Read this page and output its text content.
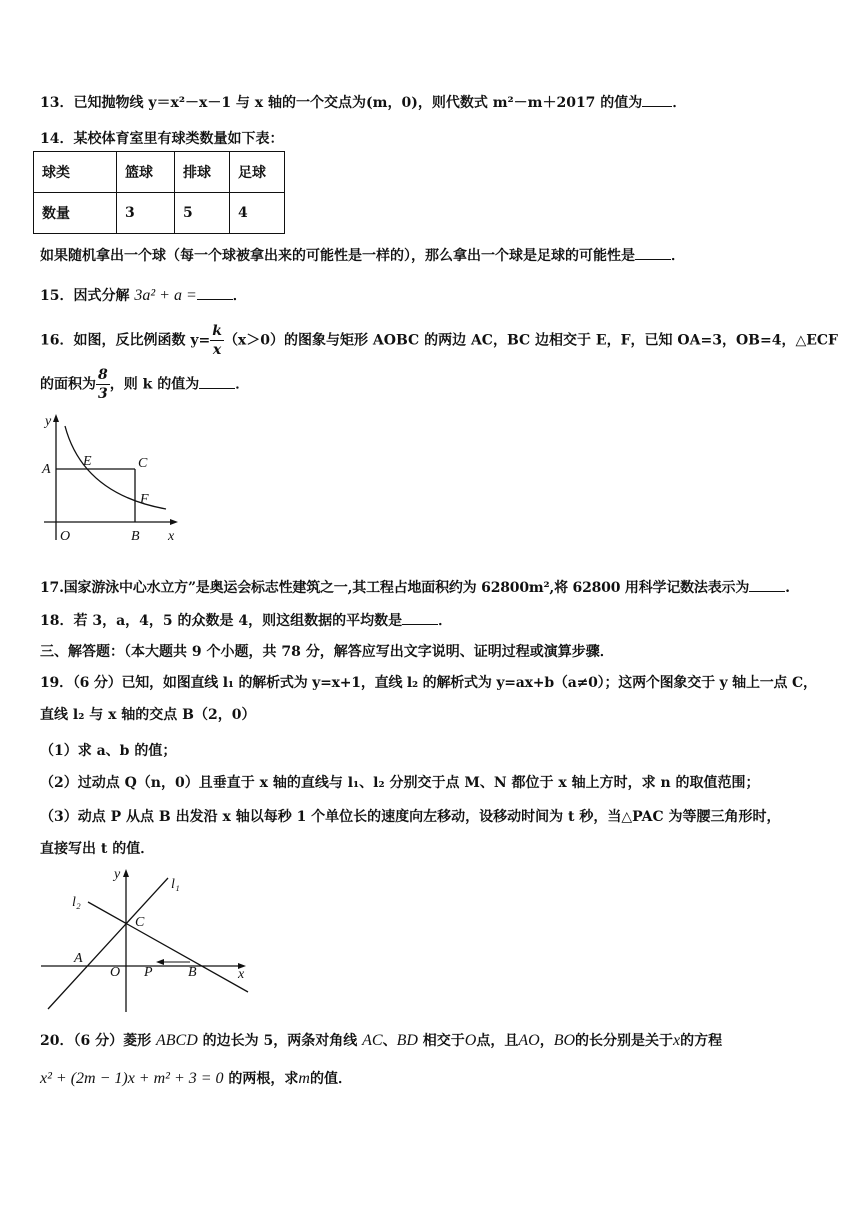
13．已知抛物线 y＝x²－x－1 与 x 轴的一个交点为(m，0)，则代数式 m²－m＋2017 的值为 ．
14．某校体育室里有球类数量如下表：
球类	篮球	排球	足球
数量	3	5	4
如果随机拿出一个球（每一个球被拿出来的可能性是一样的），那么拿出一个球是足球的可能性是	．
15．因式分解 3a² + a =	．
16．如图，反比例函数 $y= \frac{k}{x} (x>0)$的图象与矩形 AOBC 的两边 AC，BC 边相交于 E，F，已知 OA=3，OB=4，△ECF
的面积为 $\frac{8}{3}$ ，则 k 的值为	．
y
A
E	C
F
O	B x
17.国家游泳中心水立方”是奥运会标志性建筑之一,其工程占地面积约为 62800m²,将 62800 用科学记数法表示为	.
18．若 3，a，4，5 的众数是 4，则这组数据的平均数是	．
三、解答题：（本大题共 9 个小题，共 78 分，解答应写出文字说明、证明过程或演算步骤．
19．（6 分）已知，如图直线 l₁ 的解析式为 y=x+1，直线 l₂ 的解析式为 y=ax+b（a≠0）；这两个图象交于 y 轴上一点 C，
直线 l₂ 与 x 轴的交点 B（2，0）
（1）求 a、b 的值；
（2）过动点 Q（n，0）且垂直于 x 轴的直线与 l₁、l₂ 分别交于点 M、N 都位于 x 轴上方时，求 n 的取值范围；
（3）动点 P 从点 B 出发沿 x 轴以每秒 1 个单位长的速度向左移动，设移动时间为 t 秒，当△PAC 为等腰三角形时，
直接写出 t 的值．
y
l₁
l₂
C
A
O P	B	x
20．（6 分）菱形 ABCD 的边长为 5，两条对角线 AC、BD 相交于O点，且AO，BO的长分别是关于x的方程
x² + (2m − 1)x + m² + 3 = 0 的两根，求m的值．
